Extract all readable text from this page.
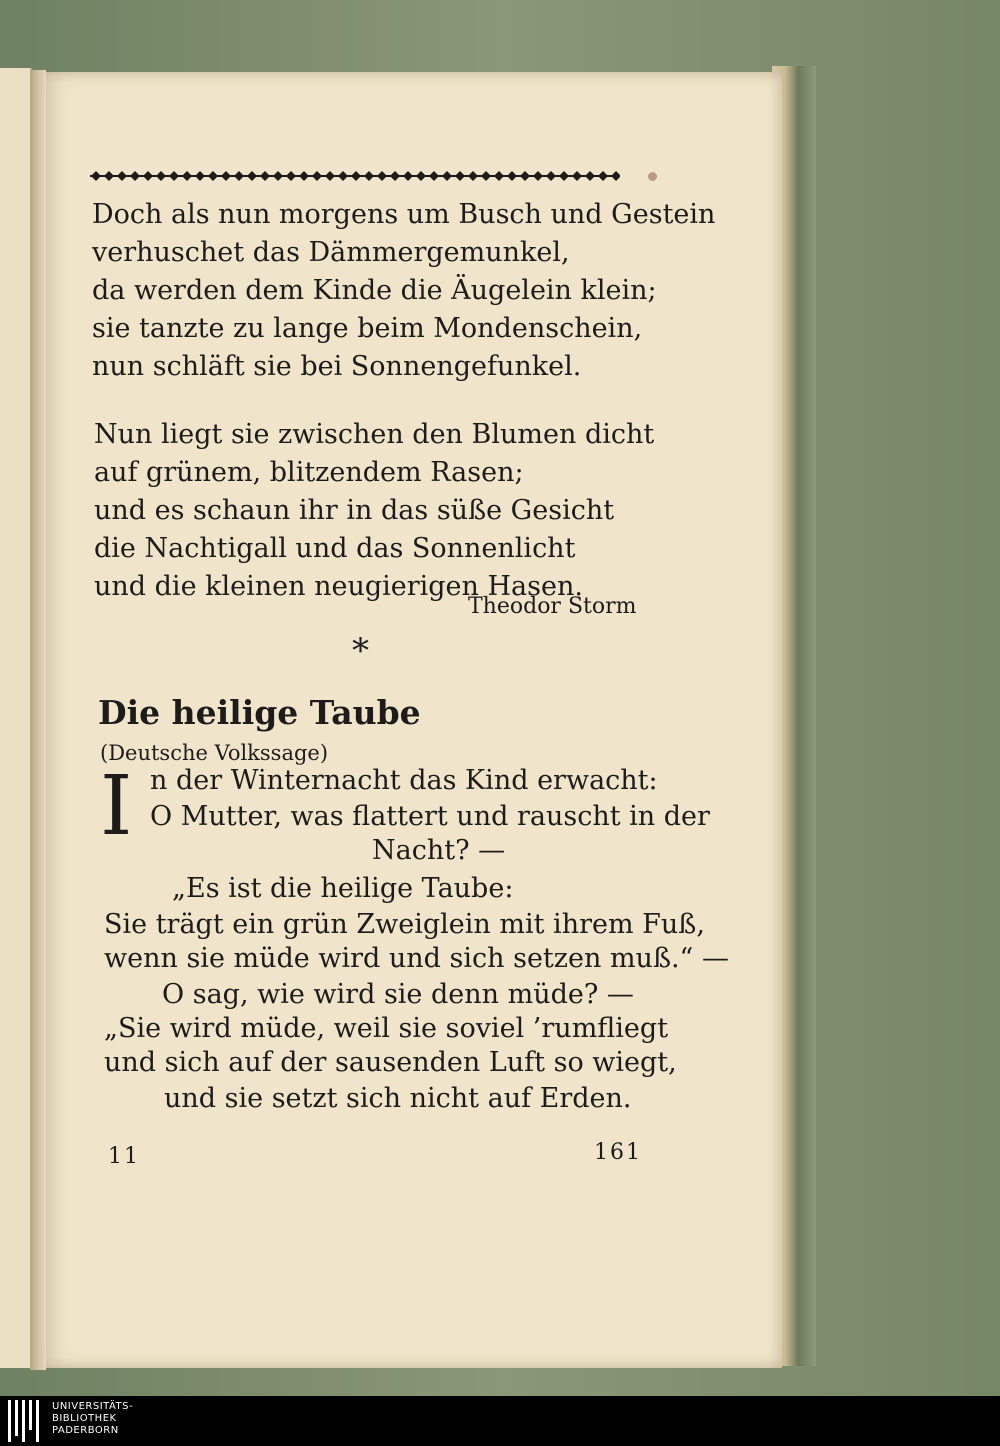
Doch als nun morgens um Busch und Gestein
verhuschet das Dämmergemunkel,
da werden dem Kinde die Äugelein klein;
sie tanzte zu lange beim Mondenschein,
nun schläft sie bei Sonnengefunkel.
Nun liegt sie zwischen den Blumen dicht
auf grünem, blitzendem Rasen;
und es schaun ihr in das süße Gesicht
die Nachtigall und das Sonnenlicht
und die kleinen neugierigen Hasen.
Theodor Storm
*
Die heilige Taube
(Deutsche Volkssage)
I n der Winternacht das Kind erwacht:
O Mutter, was flattert und rauscht in der
Nacht? —
„Es ist die heilige Taube:
Sie trägt ein grün Zweiglein mit ihrem Fuß,
wenn sie müde wird und sich setzen muß.“ —
O sag, wie wird sie denn müde? —
„Sie wird müde, weil sie soviel ’rumfliegt
und sich auf der sausenden Luft so wiegt,
und sie setzt sich nicht auf Erden.
11	161
UNIVERSITÄTS-
BIBLIOTHEK
PADERBORN
